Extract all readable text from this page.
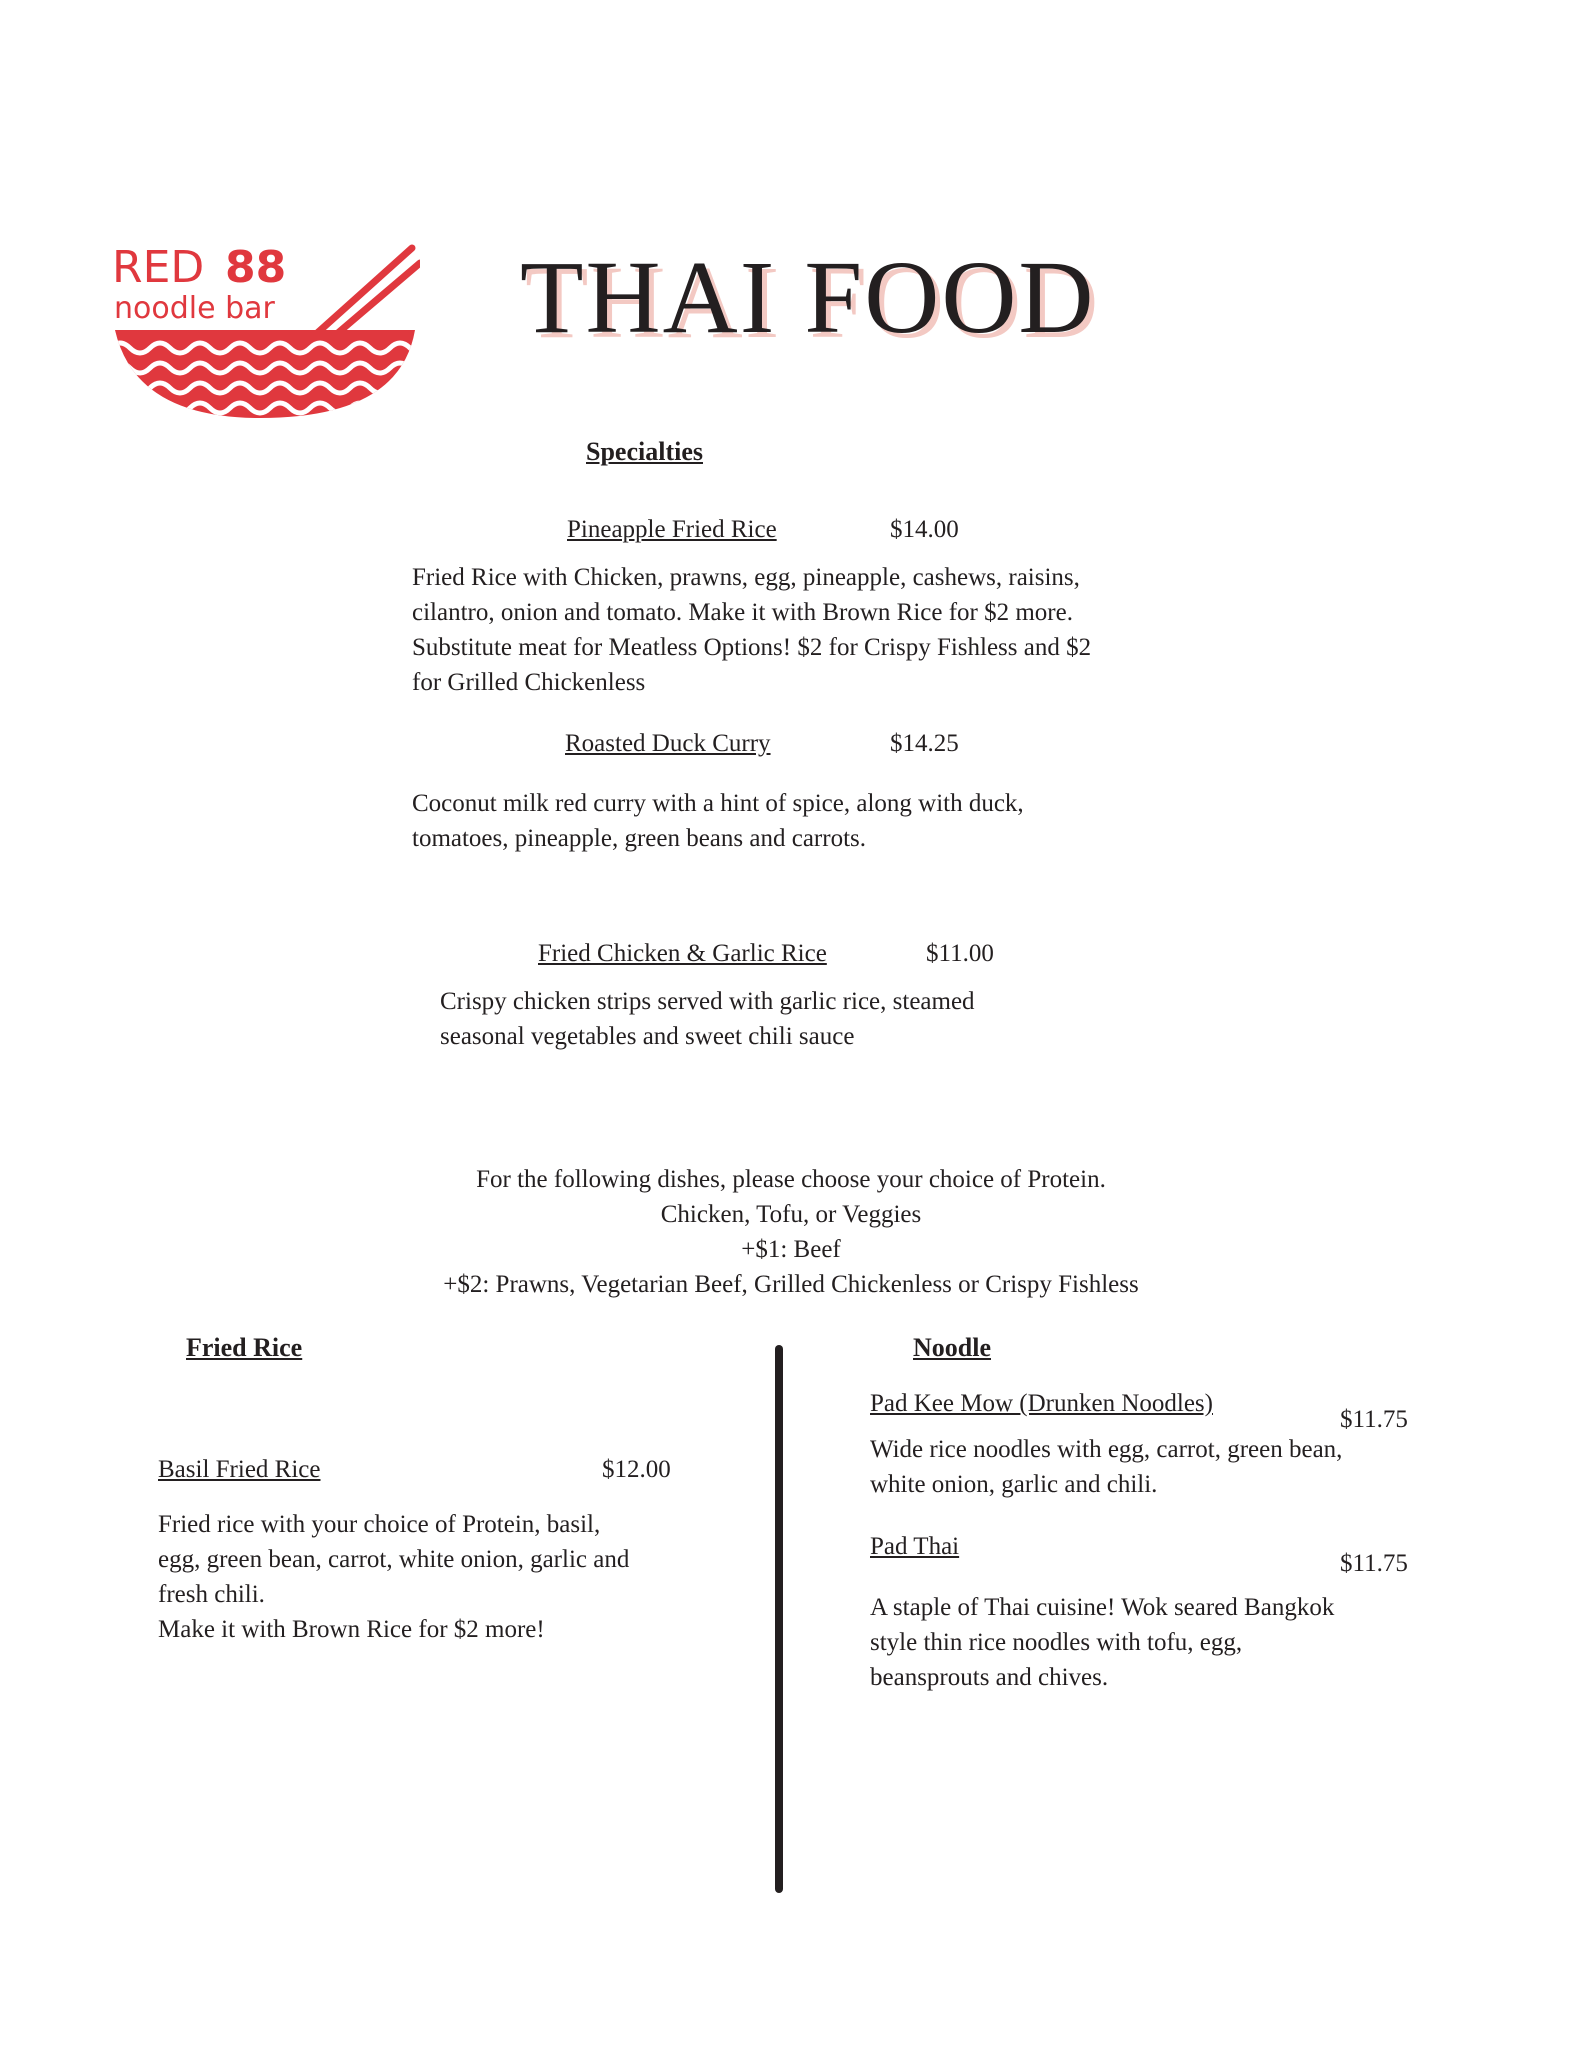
RED 88
noodle bar THAI FOOD
Specialties
Pineapple Fried Rice	$14.00
Fried Rice with Chicken, prawns, egg, pineapple, cashews, raisins,
cilantro, onion and tomato. Make it with Brown Rice for $2 more.
Substitute meat for Meatless Options! $2 for Crispy Fishless and $2
for Grilled Chickenless
Roasted Duck Curry	$14.25
Coconut milk red curry with a hint of spice, along with duck,
tomatoes, pineapple, green beans and carrots.
Fried Chicken & Garlic Rice	$11.00
Crispy chicken strips served with garlic rice, steamed
seasonal vegetables and sweet chili sauce
For the following dishes, please choose your choice of Protein.
Chicken, Tofu, or Veggies
+$1: Beef
+$2: Prawns, Vegetarian Beef, Grilled Chickenless or Crispy Fishless
Fried Rice
Basil Fried Rice	$12.00
Fried rice with your choice of Protein, basil,
egg, green bean, carrot, white onion, garlic and
fresh chili.
Make it with Brown Rice for $2 more!
Noodle
Pad Kee Mow (Drunken Noodles)
$11.75
Wide rice noodles with egg, carrot, green bean,
white onion, garlic and chili.
Pad Thai
$11.75
A staple of Thai cuisine! Wok seared Bangkok
style thin rice noodles with tofu, egg,
beansprouts and chives.
